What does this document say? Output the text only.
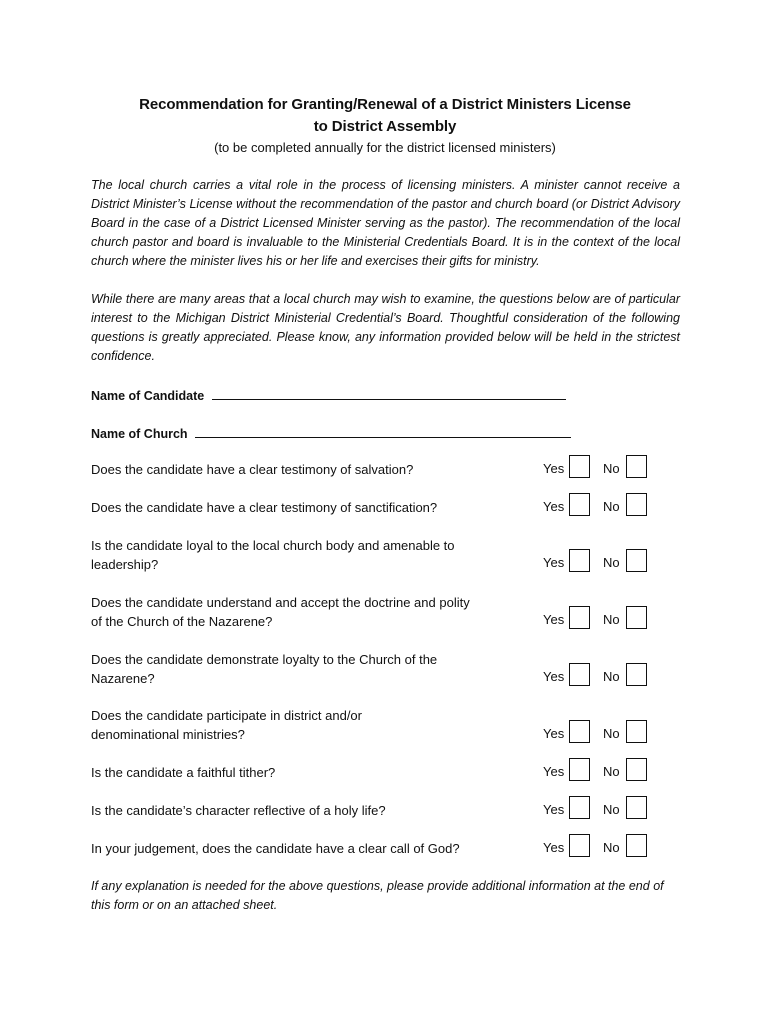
Recommendation for Granting/Renewal of a District Ministers License
to District Assembly
(to be completed annually for the district licensed ministers)

The local church carries a vital role in the process of licensing ministers. A minister cannot receive a District Minister’s License without the recommendation of the pastor and church board (or District Advisory Board in the case of a District Licensed Minister serving as the pastor). The recommendation of the local church pastor and board is invaluable to the Ministerial Credentials Board. It is in the context of the local church where the minister lives his or her life and exercises their gifts for ministry.

While there are many areas that a local church may wish to examine, the questions below are of particular interest to the Michigan District Ministerial Credential’s Board. Thoughtful consideration of the following questions is greatly appreciated. Please know, any information provided below will be held in the strictest confidence.

Name of Candidate
Name of Church
Does the candidate have a clear testimony of salvation?	Yes	No
Does the candidate have a clear testimony of sanctification?	Yes	No
Is the candidate loyal to the local church body and amenable to leadership?	Yes	No
Does the candidate understand and accept the doctrine and polity of the Church of the Nazarene?	Yes	No
Does the candidate demonstrate loyalty to the Church of the Nazarene?	Yes	No
Does the candidate participate in district and/or denominational ministries?	Yes	No
Is the candidate a faithful tither?	Yes	No
Is the candidate’s character reflective of a holy life?	Yes	No
In your judgement, does the candidate have a clear call of God?	Yes	No

If any explanation is needed for the above questions, please provide additional information at the end of this form or on an attached sheet.
